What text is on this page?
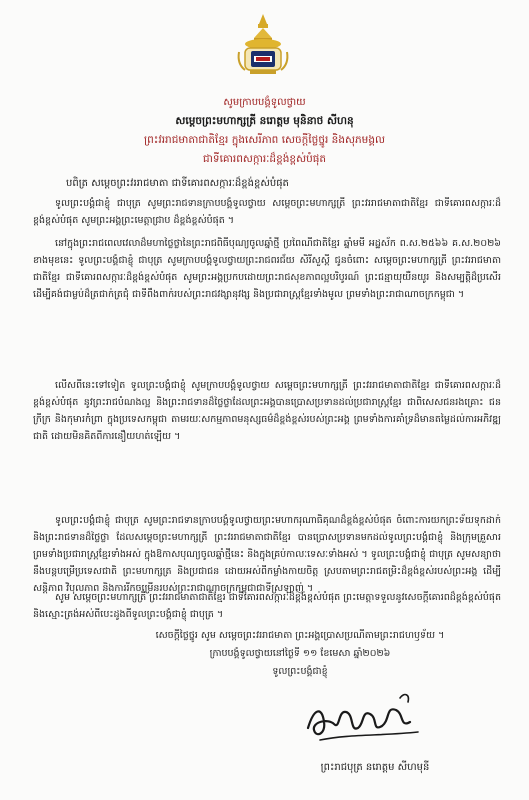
សូមក្រាបបង្គំទូលថ្វាយ
សម្តេចព្រះមហាក្សត្រី នរោត្តម មុនិនាថ សីហនុ
ព្រះវររាជមាតាជាតិខ្មែរ ក្នុងសេរីភាព សេចក្តីថ្លៃថ្នូរ និងសុភមង្គល
ជាទីគោរពសក្ការៈដ៏ខ្ពង់ខ្ពស់បំផុត
បពិត្រ សម្តេចព្រះវររាជមាតា ជាទីគោរពសក្ការៈដ៏ខ្ពង់ខ្ពស់បំផុត

ទូលព្រះបង្គំជាខ្ញុំ ជាបុត្រ សូមព្រះរាជទានក្រាបបង្គំទូលថ្វាយ សម្តេចព្រះមហាក្សត្រី ព្រះវររាជមាតាជាតិខ្មែរ ជាទីគោរពសក្ការៈដ៏ខ្ពង់ខ្ពស់បំផុត សូមព្រះអង្គព្រះមេត្តាជ្រាប ដ៏ខ្ពង់ខ្ពស់បំផុត ។

នៅក្នុងព្រះរាជពេលវេលាដ៏មហាថ្លៃថ្លានៃព្រះរាជពិធីបុណ្យចូលឆ្នាំថ្មី ប្រពៃណីជាតិខ្មែរ ឆ្នាំមមី អដ្ឋស័ក ព.ស.២៥៦៦ គ.ស.២០២៦ ខាងមុខនេះ ទូលព្រះបង្គំជាខ្ញុំ ជាបុត្រ សូមក្រាបបង្គំទូលថ្វាយព្រះរាជពរជ័យ សិរីសួស្តី ជូនចំពោះ សម្តេចព្រះមហាក្សត្រី ព្រះវររាជមាតាជាតិខ្មែរ ជាទីគោរពសក្ការៈដ៏ខ្ពង់ខ្ពស់បំផុត សូមព្រះអង្គប្រកបដោយព្រះរាជសុខភាពល្អបរិបូរណ៍ ព្រះជន្មាយុយឺនយូរ និងសម្បត្តិដ៏ប្រសើរ ដើម្បីគង់ជាម្លប់ដ៏ត្រជាក់ត្រជុំ ជាទីពឹងពាក់របស់ព្រះរាជវង្សានុវង្ស និងប្រជារាស្ត្រខ្មែរទាំងមូល ព្រមទាំងព្រះរាជាណាចក្រកម្ពុជា ។

លើសពីនេះទៅទៀត ទូលព្រះបង្គំជាខ្ញុំ សូមក្រាបបង្គំទូលថ្វាយ សម្តេចព្រះមហាក្សត្រី ព្រះវររាជមាតាជាតិខ្មែរ ជាទីគោរពសក្ការៈដ៏ខ្ពង់ខ្ពស់បំផុត នូវព្រះរាជបំណងល្អ និងព្រះរាជទានដ៏ថ្លៃថ្លាដែលព្រះអង្គបានប្រោសប្រទានដល់ប្រជារាស្ត្រខ្មែរ ជាពិសេសជនរងគ្រោះ ជនក្រីក្រ និងកុមារកំព្រា ក្នុងប្រទេសកម្ពុជា តាមរយៈសកម្មភាពមនុស្សធម៌ដ៏ខ្ពង់ខ្ពស់របស់ព្រះអង្គ ព្រមទាំងការគាំទ្រដ៏មានតម្លៃដល់ការអភិវឌ្ឍជាតិ ដោយមិនគិតពីការនឿយហត់ឡើយ ។

ទូលព្រះបង្គំជាខ្ញុំ ជាបុត្រ សូមព្រះរាជទានក្រាបបង្គំទូលថ្វាយព្រះមហាករុណាធិគុណដ៏ខ្ពង់ខ្ពស់បំផុត ចំពោះការយកព្រះទ័យទុកដាក់ និងព្រះរាជទានដ៏ថ្លៃថ្លា ដែលសម្តេចព្រះមហាក្សត្រី ព្រះវររាជមាតាជាតិខ្មែរ បានប្រោសប្រទានមកដល់ទូលព្រះបង្គំជាខ្ញុំ និងក្រុមគ្រួសារ ព្រមទាំងប្រជារាស្ត្រខ្មែរទាំងអស់ ក្នុងឱកាសបុណ្យចូលឆ្នាំថ្មីនេះ និងក្នុងគ្រប់កាលៈទេសៈទាំងអស់ ។ ទូលព្រះបង្គំជាខ្ញុំ ជាបុត្រ សូមសន្យាថា នឹងបន្តបម្រើប្រទេសជាតិ ព្រះមហាក្សត្រ និងប្រជាជន ដោយអស់ពីកម្លាំងកាយចិត្ត ស្របតាមព្រះរាជតម្រិះដ៏ខ្ពង់ខ្ពស់របស់ព្រះអង្គ ដើម្បីសន្តិភាព វិបុលភាព និងការរីកចម្រើនរបស់ព្រះរាជាណាចក្រកម្ពុជាជាទីស្រឡាញ់ ។

សូម សម្តេចព្រះមហាក្សត្រី ព្រះវររាជមាតាជាតិខ្មែរ ជាទីគោរពសក្ការៈដ៏ខ្ពង់ខ្ពស់បំផុត ព្រះមេត្តាទទួលនូវសេចក្តីគោរពដ៏ខ្ពង់ខ្ពស់បំផុត និងស្មោះត្រង់អស់ពីបេះដូងពីទូលព្រះបង្គំជាខ្ញុំ ជាបុត្រ ។

សេចក្តីថ្លៃថ្នូរ សូម សម្តេចព្រះវររាជមាតា ព្រះអង្គប្រោសប្រណីតាមព្រះរាជហឫទ័យ ។
ក្រាបបង្គំទូលថ្វាយនៅថ្ងៃទី ១១ ខែមេសា ឆ្នាំ២០២៦
ទូលព្រះបង្គំជាខ្ញុំ
ព្រះរាជបុត្រ នរោត្តម សីហមុនី
